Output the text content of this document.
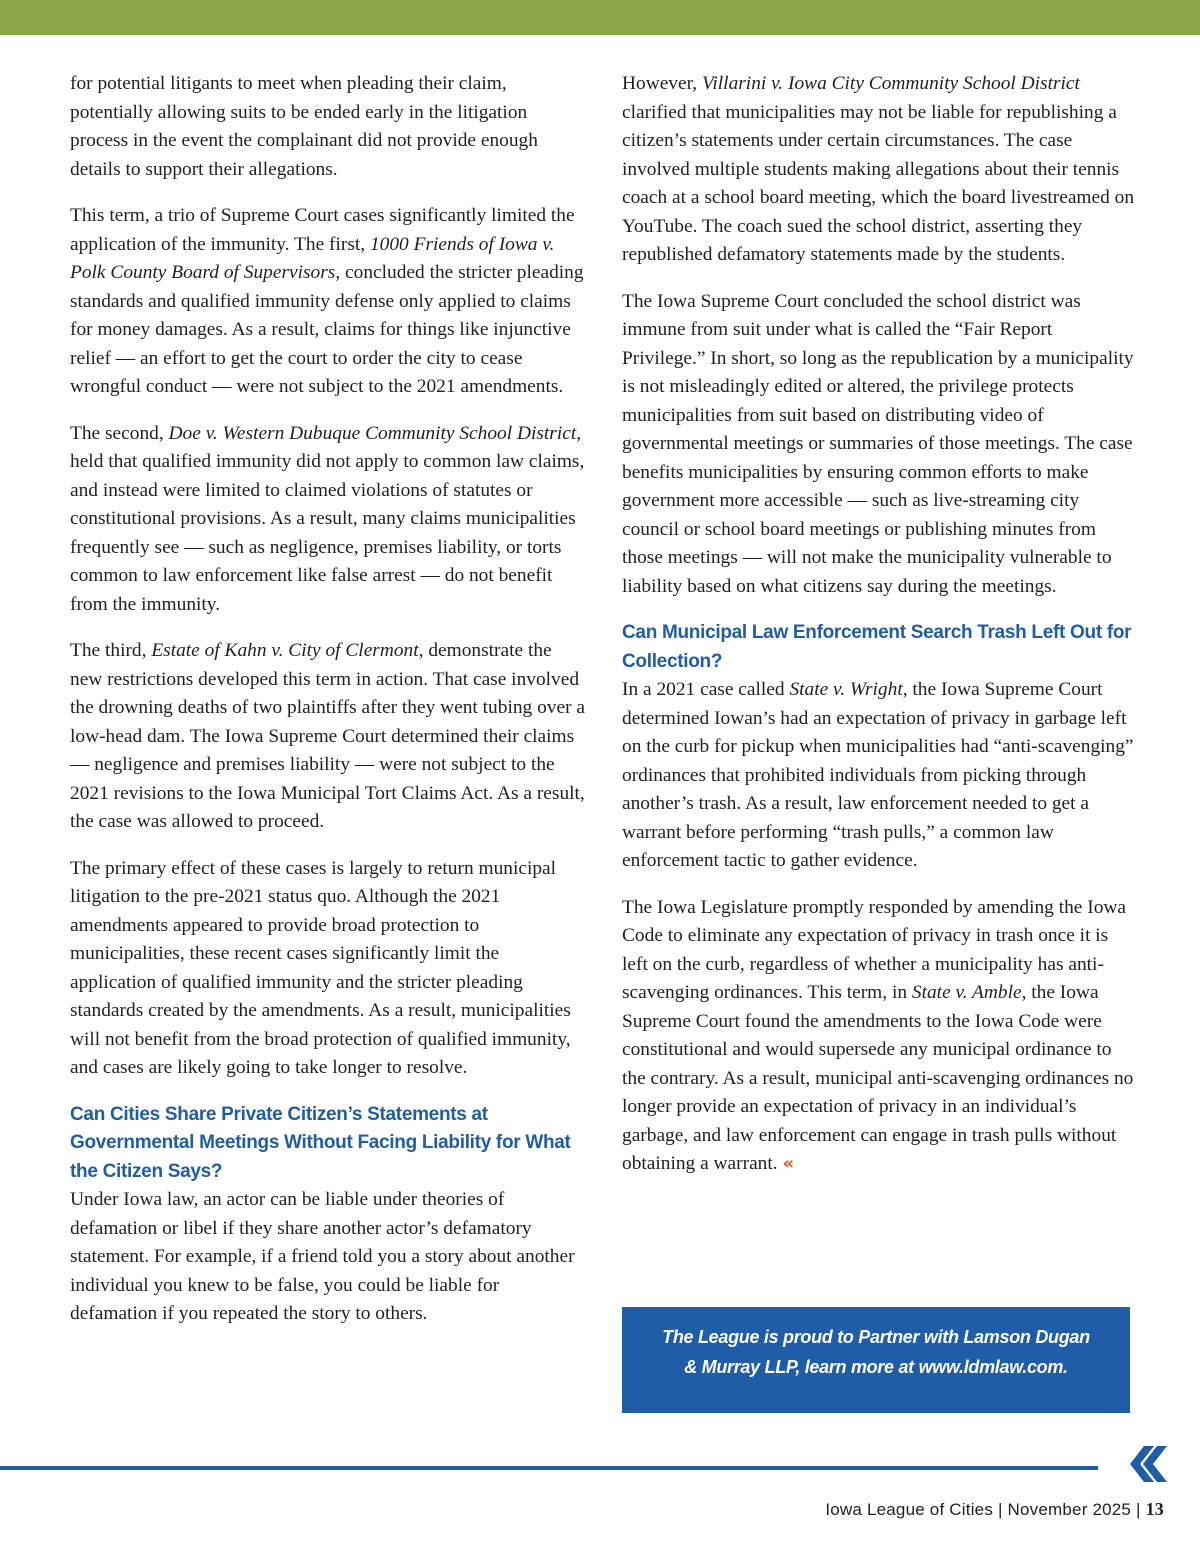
for potential litigants to meet when pleading their claim, potentially allowing suits to be ended early in the litigation process in the event the complainant did not provide enough details to support their allegations.

This term, a trio of Supreme Court cases significantly limited the application of the immunity. The first, 1000 Friends of Iowa v. Polk County Board of Supervisors, concluded the stricter pleading standards and qualified immunity defense only applied to claims for money damages. As a result, claims for things like injunctive relief — an effort to get the court to order the city to cease wrongful conduct — were not subject to the 2021 amendments.

The second, Doe v. Western Dubuque Community School District, held that qualified immunity did not apply to common law claims, and instead were limited to claimed violations of statutes or constitutional provisions. As a result, many claims municipalities frequently see — such as negligence, premises liability, or torts common to law enforcement like false arrest — do not benefit from the immunity.

The third, Estate of Kahn v. City of Clermont, demonstrate the new restrictions developed this term in action. That case involved the drowning deaths of two plaintiffs after they went tubing over a low-head dam. The Iowa Supreme Court determined their claims — negligence and premises liability — were not subject to the 2021 revisions to the Iowa Municipal Tort Claims Act. As a result, the case was allowed to proceed.

The primary effect of these cases is largely to return municipal litigation to the pre-2021 status quo. Although the 2021 amendments appeared to provide broad protection to municipalities, these recent cases significantly limit the application of qualified immunity and the stricter pleading standards created by the amendments. As a result, municipalities will not benefit from the broad protection of qualified immunity, and cases are likely going to take longer to resolve.

Can Cities Share Private Citizen’s Statements at Governmental Meetings Without Facing Liability for What the Citizen Says?

Under Iowa law, an actor can be liable under theories of defamation or libel if they share another actor’s defamatory statement. For example, if a friend told you a story about another individual you knew to be false, you could be liable for defamation if you repeated the story to others.

However, Villarini v. Iowa City Community School District clarified that municipalities may not be liable for republishing a citizen’s statements under certain circumstances. The case involved multiple students making allegations about their tennis coach at a school board meeting, which the board livestreamed on YouTube. The coach sued the school district, asserting they republished defamatory statements made by the students.

The Iowa Supreme Court concluded the school district was immune from suit under what is called the “Fair Report Privilege.” In short, so long as the republication by a municipality is not misleadingly edited or altered, the privilege protects municipalities from suit based on distributing video of governmental meetings or summaries of those meetings. The case benefits municipalities by ensuring common efforts to make government more accessible — such as live-streaming city council or school board meetings or publishing minutes from those meetings — will not make the municipality vulnerable to liability based on what citizens say during the meetings.

Can Municipal Law Enforcement Search Trash Left Out for Collection?

In a 2021 case called State v. Wright, the Iowa Supreme Court determined Iowan’s had an expectation of privacy in garbage left on the curb for pickup when municipalities had “anti-scavenging” ordinances that prohibited individuals from picking through another’s trash. As a result, law enforcement needed to get a warrant before performing “trash pulls,” a common law enforcement tactic to gather evidence.

The Iowa Legislature promptly responded by amending the Iowa Code to eliminate any expectation of privacy in trash once it is left on the curb, regardless of whether a municipality has anti-scavenging ordinances. This term, in State v. Amble, the Iowa Supreme Court found the amendments to the Iowa Code were constitutional and would supersede any municipal ordinance to the contrary. As a result, municipal anti-scavenging ordinances no longer provide an expectation of privacy in an individual’s garbage, and law enforcement can engage in trash pulls without obtaining a warrant. «

The League is proud to Partner with Lamson Dugan
& Murray LLP, learn more at www.ldmlaw.com.
Iowa League of Cities | November 2025 | 13
